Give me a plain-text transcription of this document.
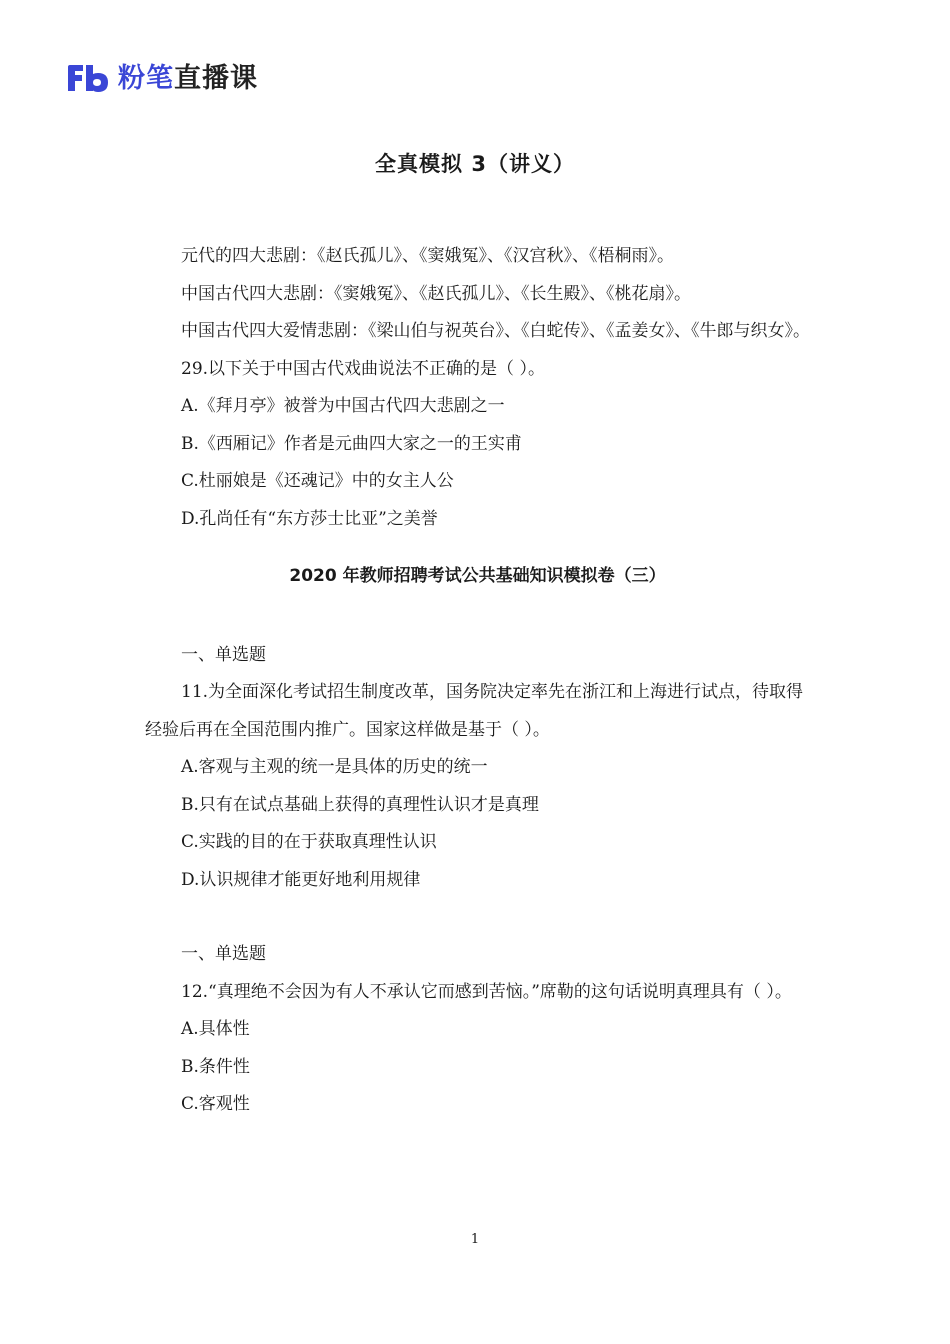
粉笔直播课
全真模拟 3（讲义）

元代的四大悲剧：《赵氏孤儿》、《窦娥冤》、《汉宫秋》、《梧桐雨》。

中国古代四大悲剧：《窦娥冤》、《赵氏孤儿》、《长生殿》、《桃花扇》。

中国古代四大爱情悲剧：《梁山伯与祝英台》、《白蛇传》、《孟姜女》、《牛郎与织女》。

29.以下关于中国古代戏曲说法不正确的是（ ）。

A.《拜月亭》被誉为中国古代四大悲剧之一

B.《西厢记》作者是元曲四大家之一的王实甫

C.杜丽娘是《还魂记》中的女主人公

D.孔尚任有“东方莎士比亚”之美誉

2020 年教师招聘考试公共基础知识模拟卷（三）

一、单选题

11.为全面深化考试招生制度改革，国务院决定率先在浙江和上海进行试点，待取得经验后再在全国范围内推广。国家这样做是基于（ ）。

A.客观与主观的统一是具体的历史的统一

B.只有在试点基础上获得的真理性认识才是真理

C.实践的目的在于获取真理性认识

D.认识规律才能更好地利用规律

一、单选题

12.“真理绝不会因为有人不承认它而感到苦恼。”席勒的这句话说明真理具有（ ）。

A.具体性

B.条件性

C.客观性

1
